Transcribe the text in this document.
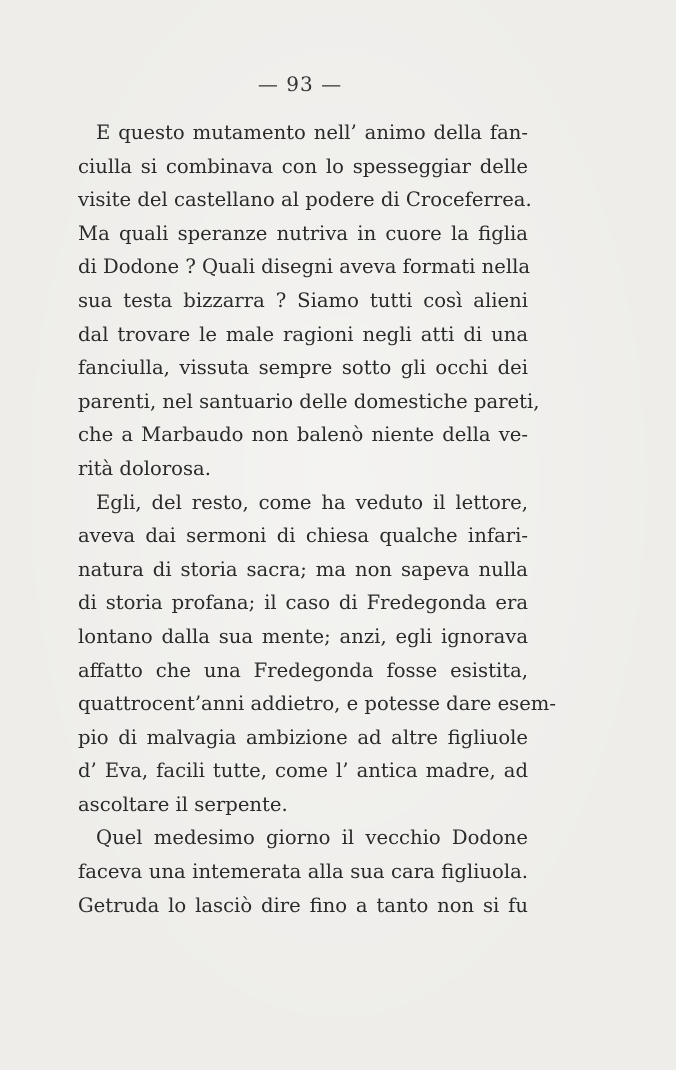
— 93 —
E questo mutamento nell’ animo della fan-
ciulla si combinava con lo spesseggiar delle
visite del castellano al podere di Croceferrea.
Ma quali speranze nutriva in cuore la figlia
di Dodone ? Quali disegni aveva formati nella
sua testa bizzarra ? Siamo tutti così alieni
dal trovare le male ragioni negli atti di una
fanciulla, vissuta sempre sotto gli occhi dei
parenti, nel santuario delle domestiche pareti,
che a Marbaudo non balenò niente della ve-
rità dolorosa.
Egli, del resto, come ha veduto il lettore,
aveva dai sermoni di chiesa qualche infari-
natura di storia sacra; ma non sapeva nulla
di storia profana; il caso di Fredegonda era
lontano dalla sua mente; anzi, egli ignorava
affatto che una Fredegonda fosse esistita,
quattrocent’anni addietro, e potesse dare esem-
pio di malvagia ambizione ad altre figliuole
d’ Eva, facili tutte, come l’ antica madre, ad
ascoltare il serpente.
Quel medesimo giorno il vecchio Dodone
faceva una intemerata alla sua cara figliuola.
Getruda lo lasciò dire fino a tanto non si fu
